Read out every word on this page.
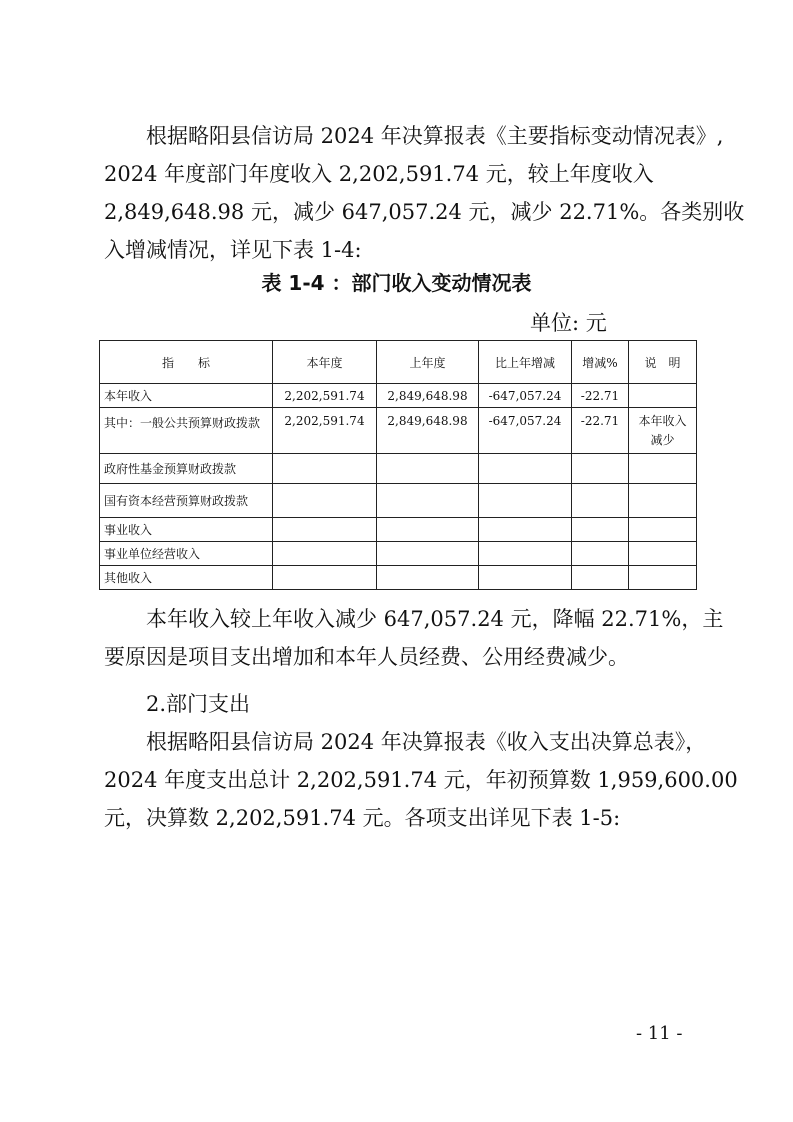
根据略阳县信访局 2024 年决算报表《主要指标变动情况表》,
2024 年度部门年度收入 2,202,591.74 元，较上年度收入
2,849,648.98 元，减少 647,057.24 元，减少 22.71%。各类别收
入增减情况，详见下表 1-4:

表 1-4 ：部门收入变动情况表

单位: 元

指　　标	本年度	上年度	比上年增减	增减%	说　明
本年收入	2,202,591.74	2,849,648.98	-647,057.24	-22.71	
其中：一般公共预算财政拨款	2,202,591.74	2,849,648.98	-647,057.24	-22.71	本年收入减少
政府性基金预算财政拨款					
国有资本经营预算财政拨款					
事业收入					
事业单位经营收入					
其他收入					
本年收入较上年收入减少 647,057.24 元，降幅 22.71%，主
要原因是项目支出增加和本年人员经费、公用经费减少。
2.部门支出
根据略阳县信访局 2024 年决算报表《收入支出决算总表》，
2024 年度支出总计 2,202,591.74 元，年初预算数 1,959,600.00
元，决算数 2,202,591.74 元。各项支出详见下表 1-5:

- 11 -
